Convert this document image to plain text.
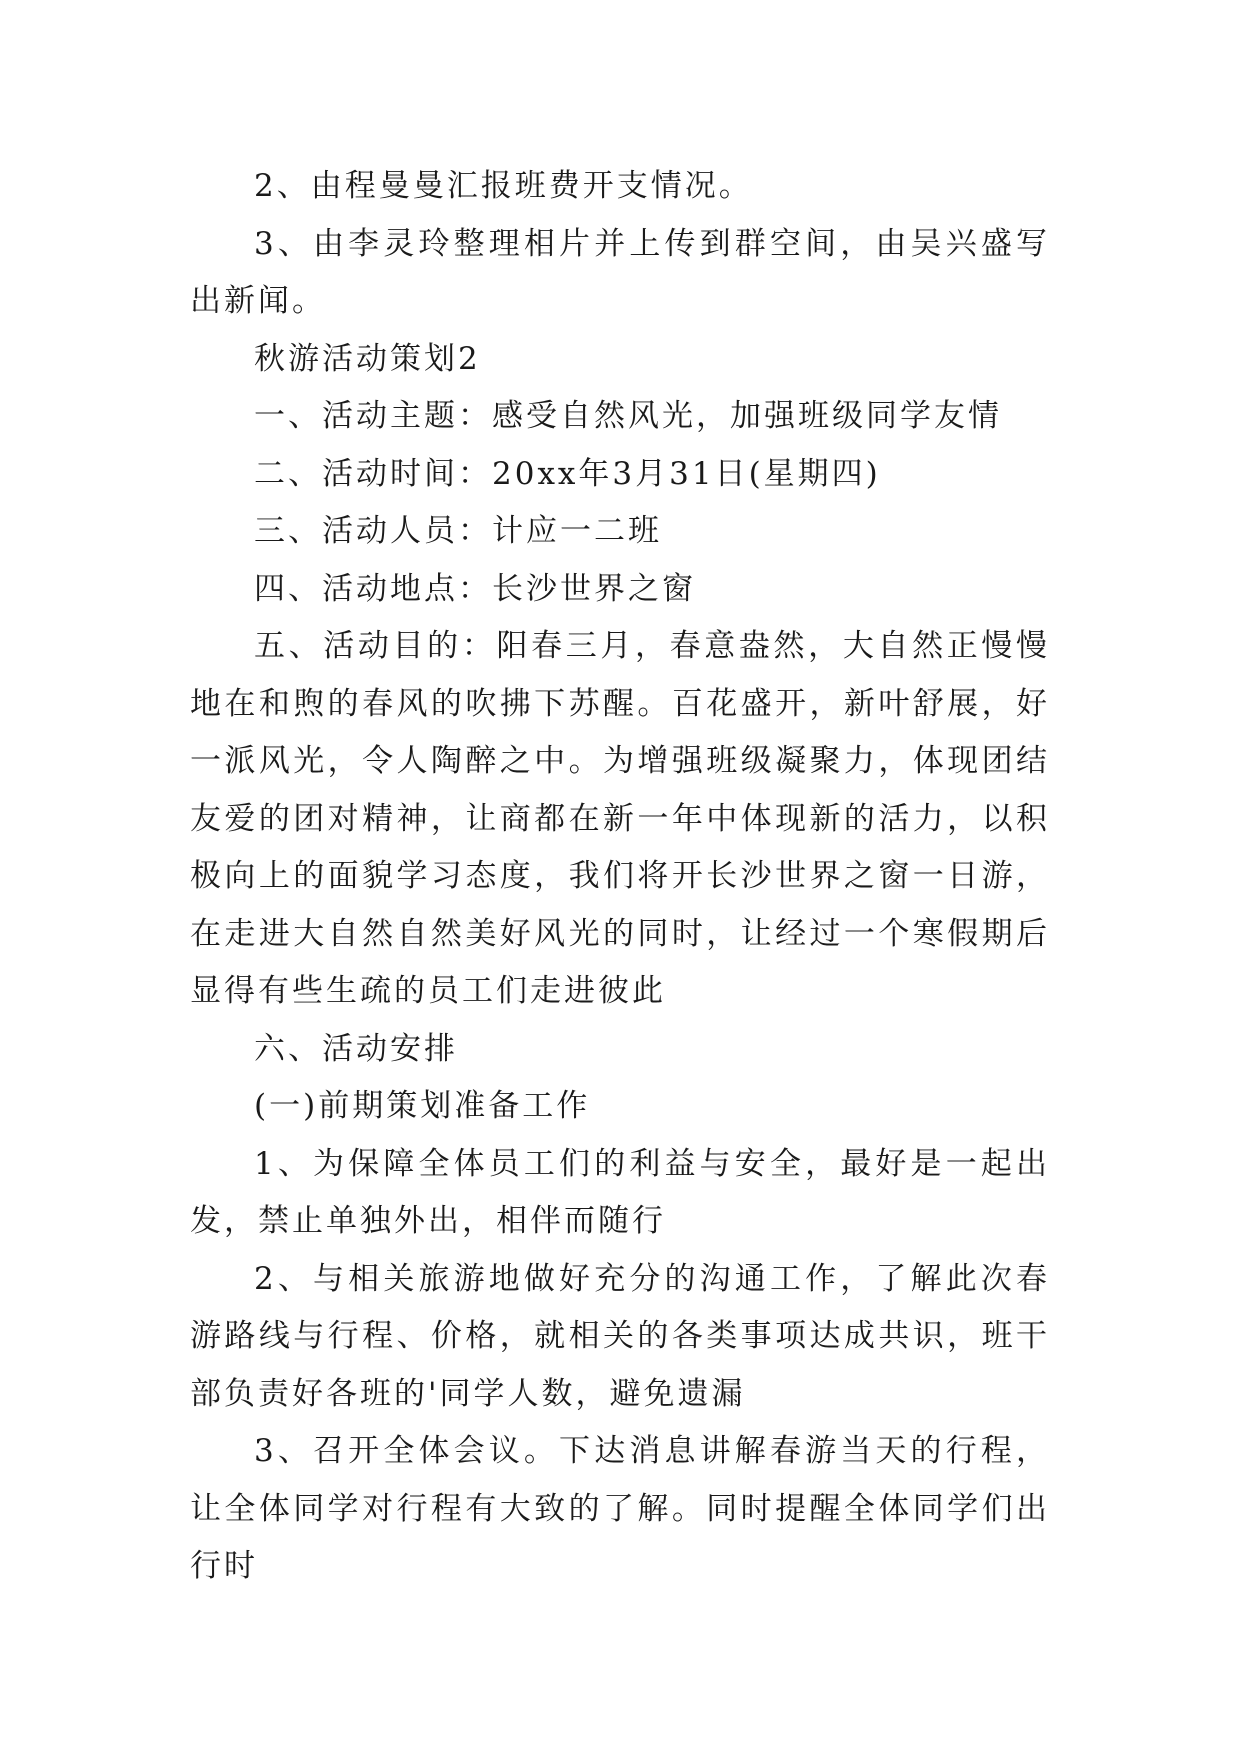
2、由程曼曼汇报班费开支情况。

3、由李灵玲整理相片并上传到群空间，由吴兴盛写出新闻。

秋游活动策划2

一、活动主题：感受自然风光，加强班级同学友情

二、活动时间：20xx年3月31日(星期四)

三、活动人员：计应一二班

四、活动地点：长沙世界之窗

五、活动目的：阳春三月，春意盎然，大自然正慢慢地在和煦的春风的吹拂下苏醒。百花盛开，新叶舒展，好一派风光，令人陶醉之中。为增强班级凝聚力，体现团结友爱的团对精神，让商都在新一年中体现新的活力，以积极向上的面貌学习态度，我们将开长沙世界之窗一日游，在走进大自然自然美好风光的同时，让经过一个寒假期后显得有些生疏的员工们走进彼此

六、活动安排

(一)前期策划准备工作

1、为保障全体员工们的利益与安全，最好是一起出发，禁止单独外出，相伴而随行

2、与相关旅游地做好充分的沟通工作，了解此次春游路线与行程、价格，就相关的各类事项达成共识，班干部负责好各班的'同学人数，避免遗漏

3、召开全体会议。下达消息讲解春游当天的行程，让全体同学对行程有大致的了解。同时提醒全体同学们出行时
